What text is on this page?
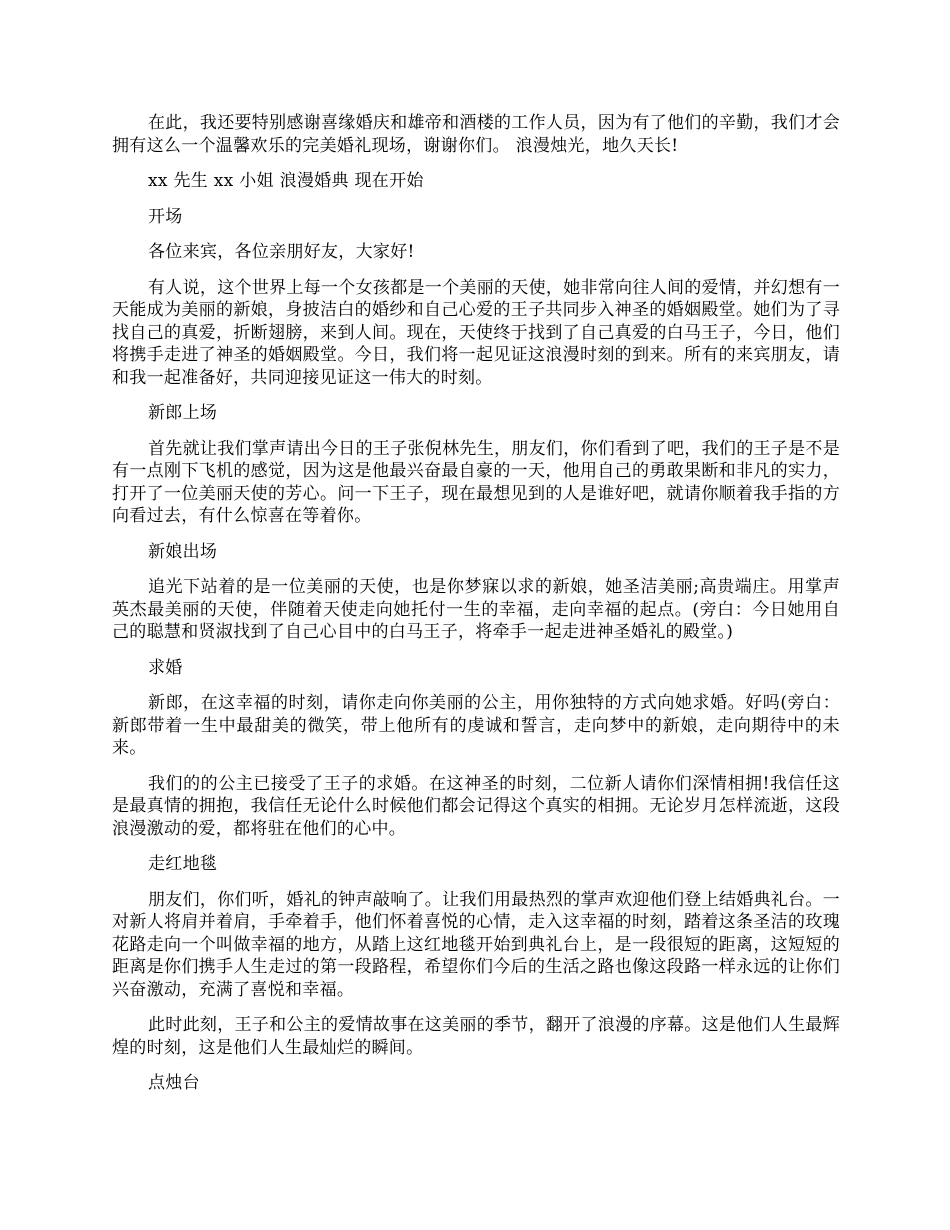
在此，我还要特别感谢喜缘婚庆和雄帝和酒楼的工作人员，因为有了他们的辛勤，我们才会拥有这么一个温馨欢乐的完美婚礼现场，谢谢你们。 浪漫烛光，地久天长!

xx 先生 xx 小姐 浪漫婚典 现在开始

开场

各位来宾，各位亲朋好友，大家好!

有人说，这个世界上每一个女孩都是一个美丽的天使，她非常向往人间的爱情，并幻想有一天能成为美丽的新娘，身披洁白的婚纱和自己心爱的王子共同步入神圣的婚姻殿堂。她们为了寻找自己的真爱，折断翅膀，来到人间。现在，天使终于找到了自己真爱的白马王子，今日，他们将携手走进了神圣的婚姻殿堂。今日，我们将一起见证这浪漫时刻的到来。所有的来宾朋友，请和我一起准备好，共同迎接见证这一伟大的时刻。

新郎上场

首先就让我们掌声请出今日的王子张倪林先生，朋友们，你们看到了吧，我们的王子是不是有一点刚下飞机的感觉，因为这是他最兴奋最自豪的一天，他用自己的勇敢果断和非凡的实力，打开了一位美丽天使的芳心。问一下王子，现在最想见到的人是谁好吧，就请你顺着我手指的方向看过去，有什么惊喜在等着你。

新娘出场

追光下站着的是一位美丽的天使，也是你梦寐以求的新娘，她圣洁美丽;高贵端庄。用掌声英杰最美丽的天使，伴随着天使走向她托付一生的幸福，走向幸福的起点。(旁白：今日她用自己的聪慧和贤淑找到了自己心目中的白马王子，将牵手一起走进神圣婚礼的殿堂。)

求婚

新郎，在这幸福的时刻，请你走向你美丽的公主，用你独特的方式向她求婚。好吗(旁白：新郎带着一生中最甜美的微笑，带上他所有的虔诚和誓言，走向梦中的新娘，走向期待中的未来。

我们的的公主已接受了王子的求婚。在这神圣的时刻，二位新人请你们深情相拥!我信任这是最真情的拥抱，我信任无论什么时候他们都会记得这个真实的相拥。无论岁月怎样流逝，这段浪漫激动的爱，都将驻在他们的心中。

走红地毯

朋友们，你们听，婚礼的钟声敲响了。让我们用最热烈的掌声欢迎他们登上结婚典礼台。一对新人将肩并着肩，手牵着手，他们怀着喜悦的心情，走入这幸福的时刻，踏着这条圣洁的玫瑰花路走向一个叫做幸福的地方，从踏上这红地毯开始到典礼台上，是一段很短的距离，这短短的距离是你们携手人生走过的第一段路程，希望你们今后的生活之路也像这段路一样永远的让你们兴奋激动，充满了喜悦和幸福。

此时此刻，王子和公主的爱情故事在这美丽的季节，翻开了浪漫的序幕。这是他们人生最辉煌的时刻，这是他们人生最灿烂的瞬间。

点烛台
